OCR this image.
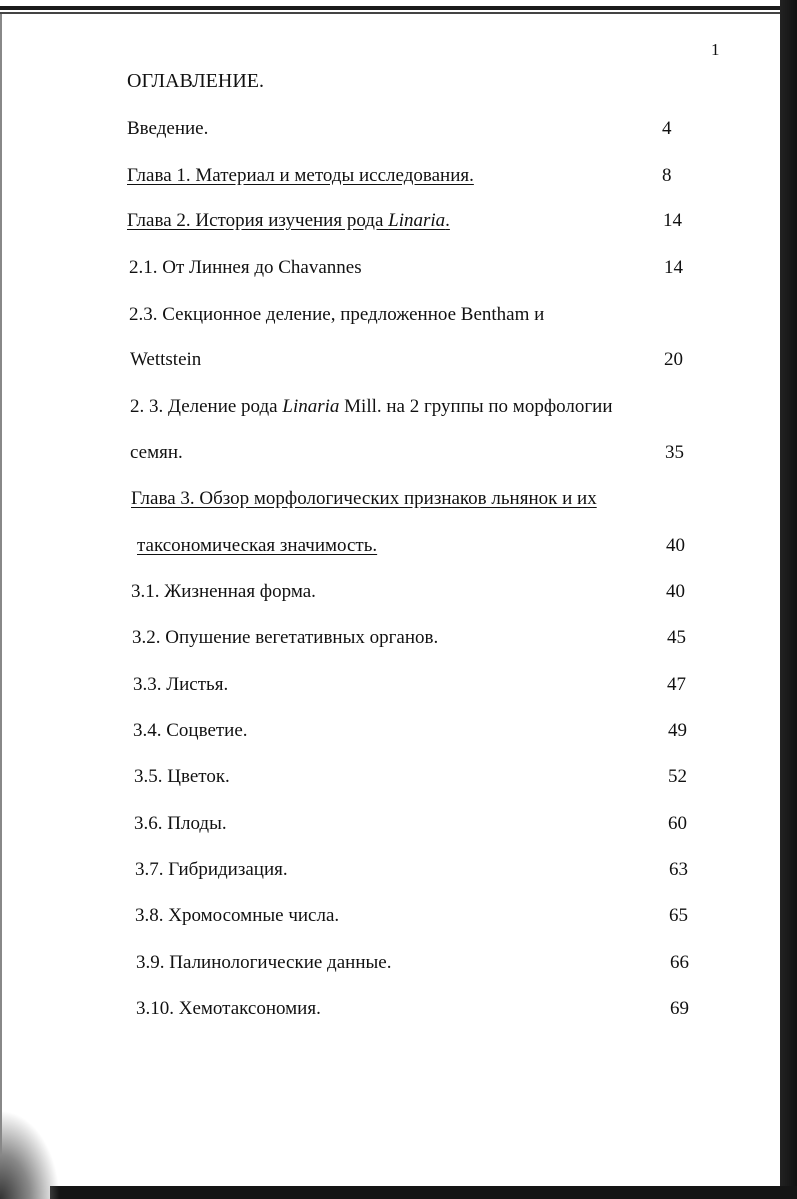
1
ОГЛАВЛЕНИЕ.
Введение.	4
Глава 1. Материал и методы исследования.	8
Глава 2. История изучения рода Linaria.	14
2.1. От Линнея до Chavannes	14
2.3. Секционное деление, предложенное Bentham и
Wettstein	20
2. 3. Деление рода Linaria Mill. на 2 группы по морфологии
семян.	35
Глава 3. Обзор морфологических признаков льнянок и их
таксономическая значимость.	40
3.1. Жизненная форма.	40
3.2. Опушение вегетативных органов.	45
3.3. Листья.	47
3.4. Соцветие.	49
3.5. Цветок.	52
3.6. Плоды.	60
3.7. Гибридизация.	63
3.8. Хромосомные числа.	65
3.9. Палинологические данные.	66
3.10. Хемотаксономия.	69
